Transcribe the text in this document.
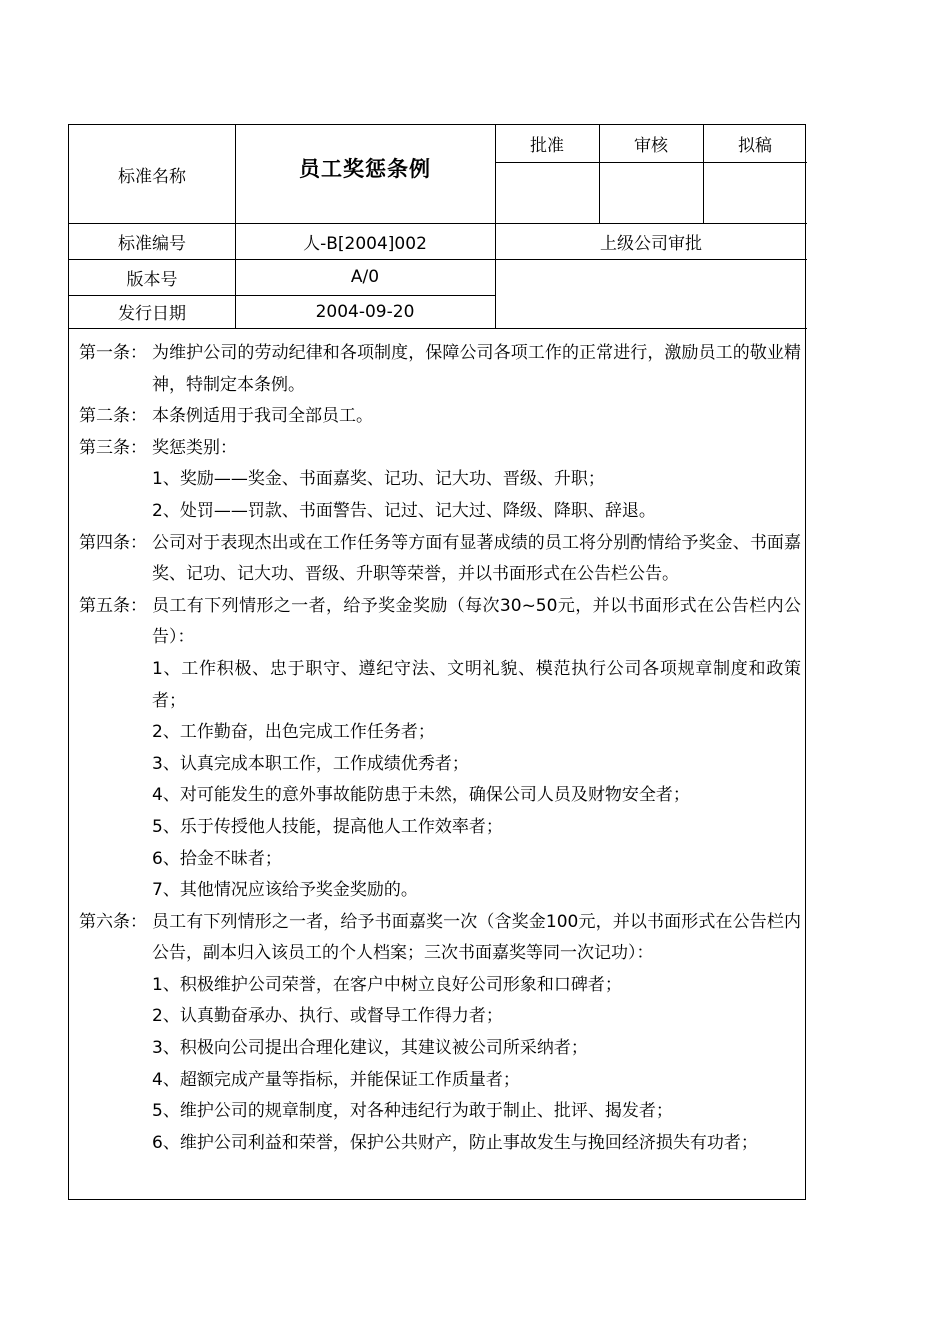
标准名称	员工奖惩条例
批准	审核	拟稿
标准编号	人-B[2004]002	上级公司审批
版本号	A/0
发行日期	2004-09-20
第一条： 为维护公司的劳动纪律和各项制度，保障公司各项工作的正常进行，激励员工的敬业精神，特制定本条例。
第二条： 本条例适用于我司全部员工。
第三条： 奖惩类别：
1、奖励——奖金、书面嘉奖、记功、记大功、晋级、升职；
2、处罚——罚款、书面警告、记过、记大过、降级、降职、辞退。
第四条： 公司对于表现杰出或在工作任务等方面有显著成绩的员工将分别酌情给予奖金、书面嘉奖、记功、记大功、晋级、升职等荣誉，并以书面形式在公告栏公告。
第五条： 员工有下列情形之一者，给予奖金奖励（每次30~50元，并以书面形式在公告栏内公告）：
1、工作积极、忠于职守、遵纪守法、文明礼貌、模范执行公司各项规章制度和政策者；
2、工作勤奋，出色完成工作任务者；
3、认真完成本职工作，工作成绩优秀者；
4、对可能发生的意外事故能防患于未然，确保公司人员及财物安全者；
5、乐于传授他人技能，提高他人工作效率者；
6、拾金不昧者；
7、其他情况应该给予奖金奖励的。
第六条： 员工有下列情形之一者，给予书面嘉奖一次（含奖金100元，并以书面形式在公告栏内公告，副本归入该员工的个人档案；三次书面嘉奖等同一次记功）：
1、积极维护公司荣誉，在客户中树立良好公司形象和口碑者；
2、认真勤奋承办、执行、或督导工作得力者；
3、积极向公司提出合理化建议，其建议被公司所采纳者；
4、超额完成产量等指标，并能保证工作质量者；
5、维护公司的规章制度，对各种违纪行为敢于制止、批评、揭发者；
6、维护公司利益和荣誉，保护公共财产，防止事故发生与挽回经济损失有功者；
